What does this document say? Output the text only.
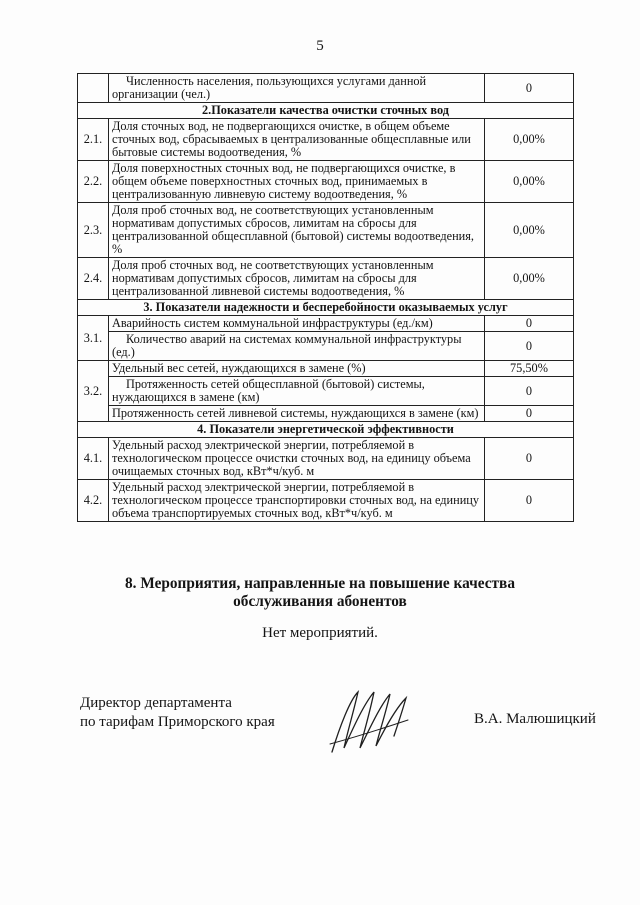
5
	Численность населения, пользующихся услугами данной организации (чел.)	0
2.Показатели качества очистки сточных вод		
2.1.	Доля сточных вод, не подвергающихся очистке, в общем объеме сточных вод, сбрасываемых в централизованные общесплавные или бытовые системы водоотведения, %	0,00%
2.2.	Доля поверхностных сточных вод, не подвергающихся очистке, в общем объеме поверхностных сточных вод, принимаемых в централизованную ливневую систему водоотведения, %	0,00%
2.3.	Доля проб сточных вод, не соответствующих установленным нормативам допустимых сбросов, лимитам на сбросы для централизованной общесплавной (бытовой) системы водоотведения, %	0,00%
2.4.	Доля проб сточных вод, не соответствующих установленным нормативам допустимых сбросов, лимитам на сбросы для централизованной ливневой системы водоотведения, %	0,00%
3. Показатели надежности и бесперебойности оказываемых услуг		
3.1.	Аварийность систем коммунальной инфраструктуры (ед./км)	0
	Количество аварий на системах коммунальной инфраструктуры (ед.)	0
3.2.	Удельный вес сетей, нуждающихся в замене (%)	75,50%
	Протяженность сетей общесплавной (бытовой) системы, нуждающихся в замене (км)	0
	Протяженность сетей ливневой системы, нуждающихся в замене (км)	0
4. Показатели энергетической эффективности		
4.1.	Удельный расход электрической энергии, потребляемой в технологическом процессе очистки сточных вод, на единицу объема очищаемых сточных вод, кВт*ч/куб. м	0
4.2.	Удельный расход электрической энергии, потребляемой в технологическом процессе транспортировки сточных вод, на единицу объема транспортируемых сточных вод, кВт*ч/куб. м	0
8. Мероприятия, направленные на повышение качества
обслуживания абонентов
Нет мероприятий.
Директор департамента
по тарифам Приморского края	В.А. Малюшицкий
